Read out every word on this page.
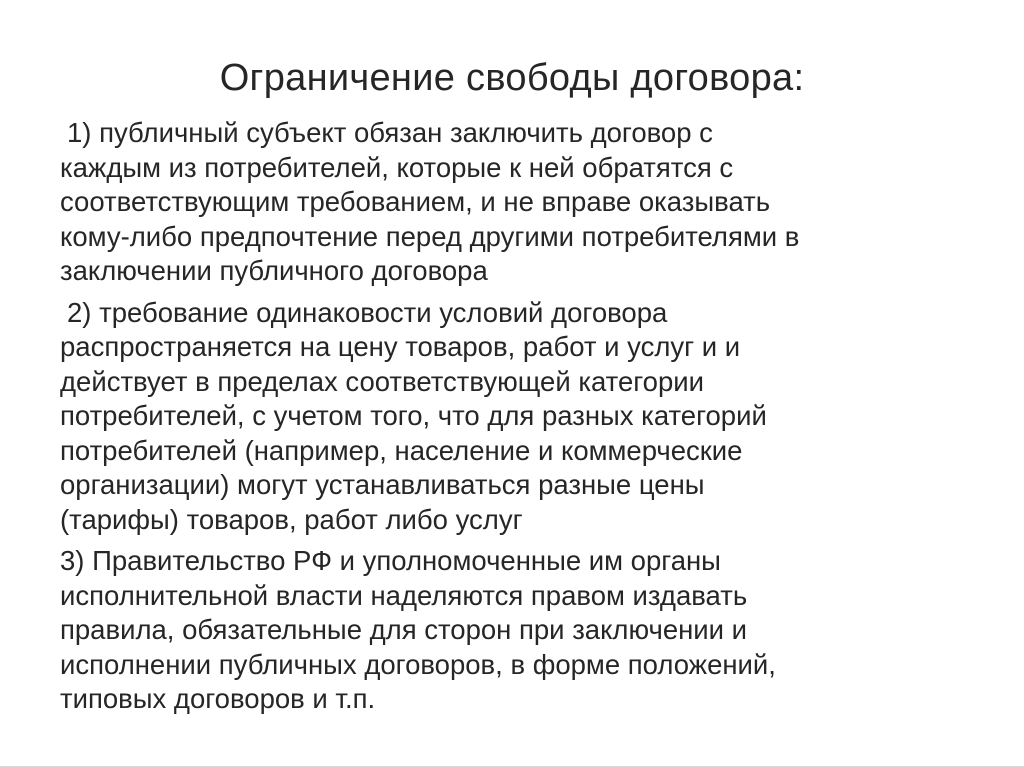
Ограничение свободы договора:

1) публичный субъект обязан заключить договор с
каждым из потребителей, которые к ней обратятся с
соответствующим требованием, и не вправе оказывать
кому-либо предпочтение перед другими потребителями в
заключении публичного договора

2) требование одинаковости условий договора
распространяется на цену товаров, работ и услуг и и
действует в пределах соответствующей категории
потребителей, с учетом того, что для разных категорий
потребителей (например, население и коммерческие
организации) могут устанавливаться разные цены
(тарифы) товаров, работ либо услуг

3) Правительство РФ и уполномоченные им органы
исполнительной власти наделяются правом издавать
правила, обязательные для сторон при заключении и
исполнении публичных договоров, в форме положений,
типовых договоров и т.п.
